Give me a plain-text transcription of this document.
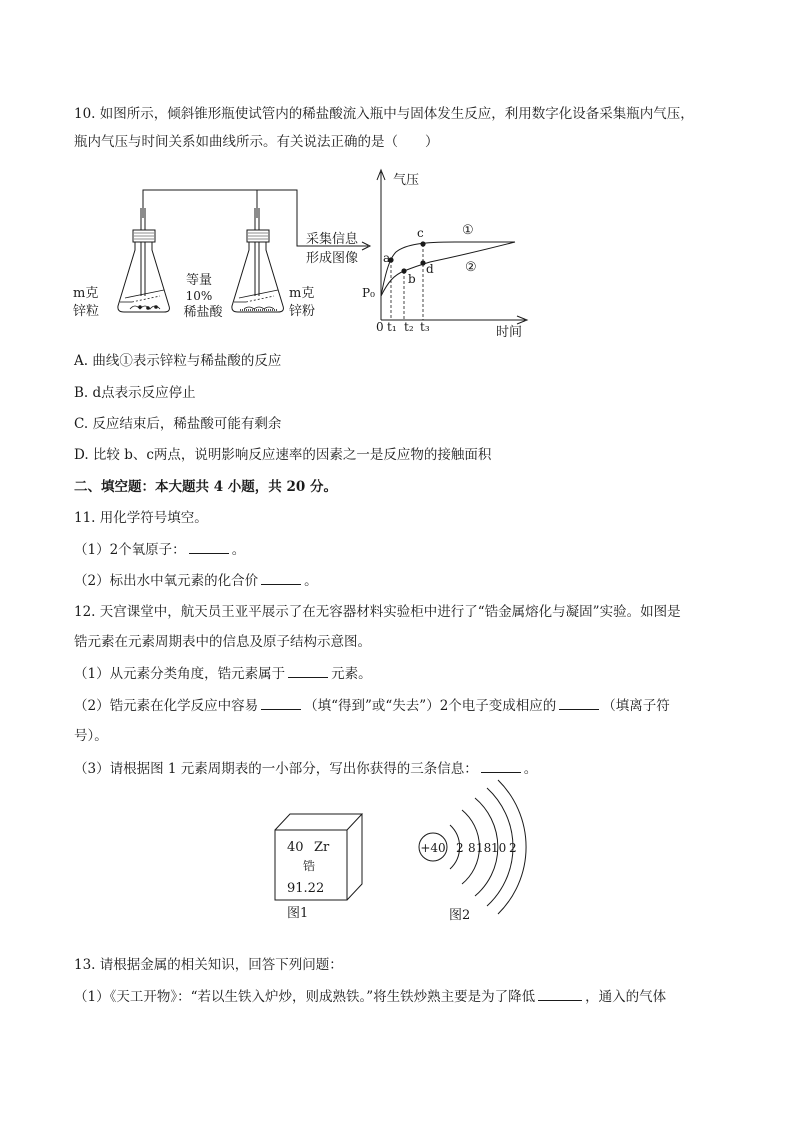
10. 如图所示，倾斜锥形瓶使试管内的稀盐酸流入瓶中与固体发生反应，利用数字化设备采集瓶内气压，
瓶内气压与时间关系如曲线所示。有关说法正确的是（　　）
m克
锌粒
等量
10%
稀盐酸
m克
锌粉
采集信息
形成图像
气压
时间
a
b
c
d
①
②
P₀
0 t₁ t₂ t₃
A. 曲线①表示锌粒与稀盐酸的反应
B. d点表示反应停止
C. 反应结束后，稀盐酸可能有剩余
D. 比较 b、c两点，说明影响反应速率的因素之一是反应物的接触面积
二、填空题：本大题共 4 小题，共 20 分。
11. 用化学符号填空。
（1）2个氧原子：	。
（2）标出水中氧元素的化合价	。
12. 天宫课堂中，航天员王亚平展示了在无容器材料实验柜中进行了“锆金属熔化与凝固”实验。如图是
锆元素在元素周期表中的信息及原子结构示意图。
（1）从元素分类角度，锆元素属于	元素。
（2）锆元素在化学反应中容易	（填“得到”或“失去”）2个电子变成相应的	（填离子符
号）。
（3）请根据图 1 元素周期表的一小部分，写出你获得的三条信息：	。
40 Zr
锆
91.22
图1
+40 2 8 18 10 2
图2
13. 请根据金属的相关知识，回答下列问题：
（1）《天工开物》：“若以生铁入炉炒，则成熟铁。”将生铁炒熟主要是为了降低	，通入的气体
